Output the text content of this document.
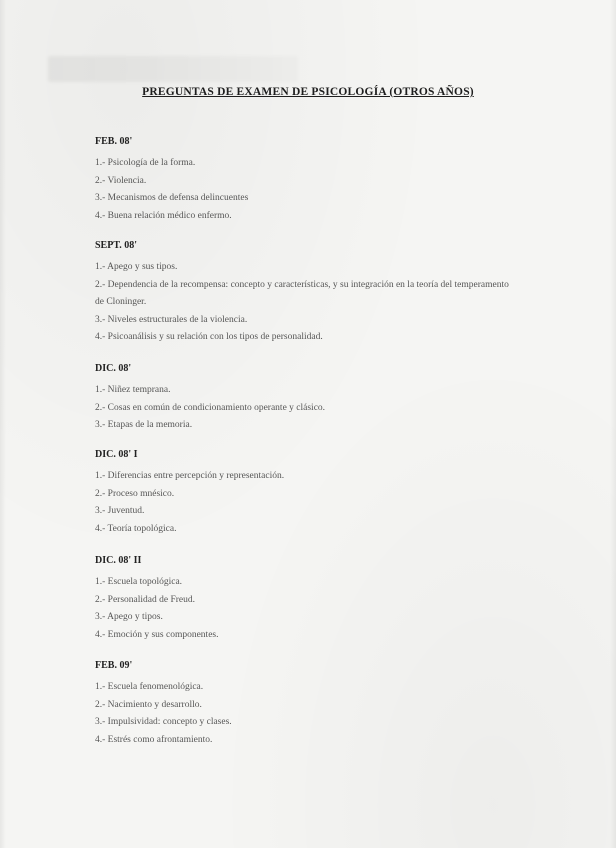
PREGUNTAS DE EXAMEN DE PSICOLOGÍA (OTROS AÑOS)
FEB. 08'
1.- Psicología de la forma.
2.- Violencia.
3.- Mecanismos de defensa delincuentes
4.- Buena relación médico enfermo.
SEPT. 08'
1.- Apego y sus tipos.
2.- Dependencia de la recompensa: concepto y características, y su integración en la teoría del temperamento de Cloninger.
3.- Niveles estructurales de la violencia.
4.- Psicoanálisis y su relación con los tipos de personalidad.
DIC. 08'
1.- Niñez temprana.
2.- Cosas en común de condicionamiento operante y clásico.
3.- Etapas de la memoria.
DIC. 08' I
1.- Diferencias entre percepción y representación.
2.- Proceso mnésico.
3.- Juventud.
4.- Teoría topológica.
DIC. 08' II
1.- Escuela topológica.
2.- Personalidad de Freud.
3.- Apego y tipos.
4.- Emoción y sus componentes.
FEB. 09'
1.- Escuela fenomenológica.
2.- Nacimiento y desarrollo.
3.- Impulsividad: concepto y clases.
4.- Estrés como afrontamiento.
